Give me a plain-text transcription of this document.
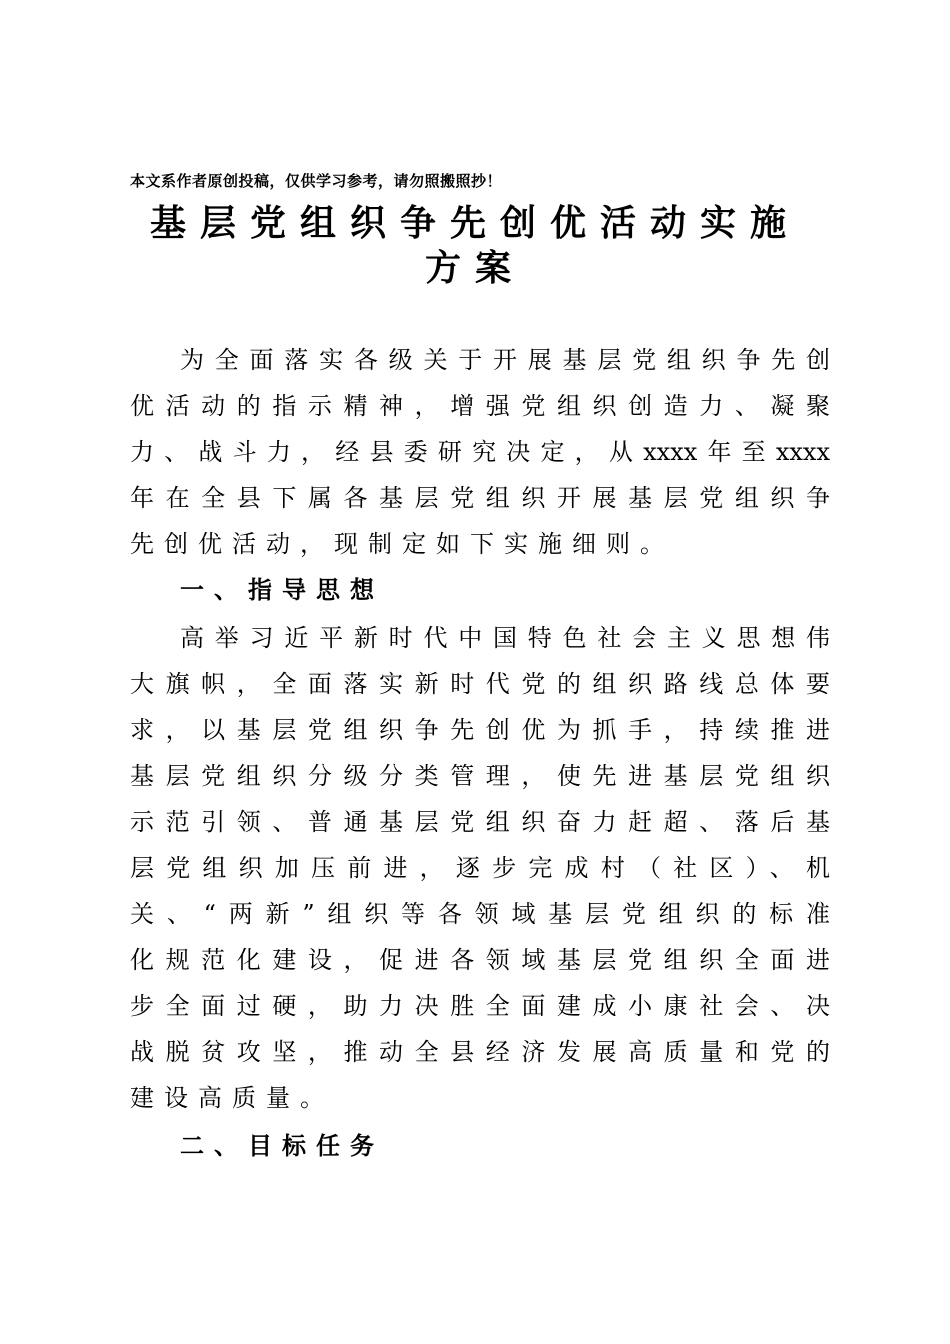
本文系作者原创投稿，仅供学习参考，请勿照搬照抄！
基层党组织争先创优活动实施
方案
为全面落实各级关于开展基层党组织争先创
优活动的指示精神，增强党组织创造力、凝聚
力、战斗力，经县委研究决定，从xxxx年至xxxx
年在全县下属各基层党组织开展基层党组织争
先创优活动，现制定如下实施细则。
一、指导思想
高举习近平新时代中国特色社会主义思想伟
大旗帜，全面落实新时代党的组织路线总体要
求，以基层党组织争先创优为抓手，持续推进
基层党组织分级分类管理，使先进基层党组织
示范引领、普通基层党组织奋力赶超、落后基
层党组织加压前进，逐步完成村（社区）、机
关、“两新”组织等各领域基层党组织的标准
化规范化建设，促进各领域基层党组织全面进
步全面过硬，助力决胜全面建成小康社会、决
战脱贫攻坚，推动全县经济发展高质量和党的
建设高质量。
二、目标任务
